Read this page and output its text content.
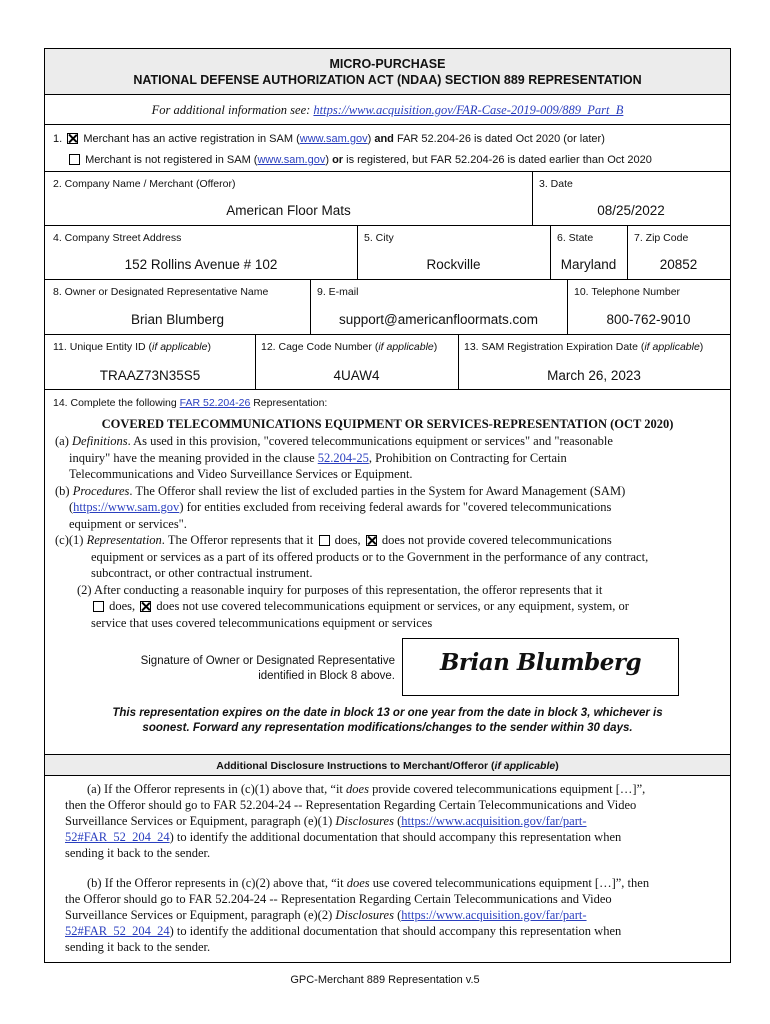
MICRO-PURCHASE
NATIONAL DEFENSE AUTHORIZATION ACT (NDAA) SECTION 889 REPRESENTATION
For additional information see: https://www.acquisition.gov/FAR-Case-2019-009/889_Part_B
1. Merchant has an active registration in SAM (www.sam.gov) and FAR 52.204-26 is dated Oct 2020 (or later)
Merchant is not registered in SAM (www.sam.gov) or is registered, but FAR 52.204-26 is dated earlier than Oct 2020
2. Company Name / Merchant (Offeror)
American Floor Mats
3. Date
08/25/2022
4. Company Street Address
152 Rollins Avenue # 102
5. City
Rockville
6. State
Maryland
7. Zip Code
20852
8. Owner or Designated Representative Name
Brian Blumberg
9. E-mail
support@americanfloormats.com
10. Telephone Number
800-762-9010
11. Unique Entity ID (if applicable)
TRAAZ73N35S5
12. Cage Code Number (if applicable)
4UAW4
13. SAM Registration Expiration Date (if applicable)
March 26, 2023
14. Complete the following FAR 52.204-26 Representation:
COVERED TELECOMMUNICATIONS EQUIPMENT OR SERVICES-REPRESENTATION (OCT 2020)
(a) Definitions. As used in this provision, "covered telecommunications equipment or services" and "reasonable
inquiry" have the meaning provided in the clause 52.204-25, Prohibition on Contracting for Certain
Telecommunications and Video Surveillance Services or Equipment.
(b) Procedures. The Offeror shall review the list of excluded parties in the System for Award Management (SAM)
(https://www.sam.gov) for entities excluded from receiving federal awards for "covered telecommunications
equipment or services".
(c)(1) Representation. The Offeror represents that it  does,  does not provide covered telecommunications
equipment or services as a part of its offered products or to the Government in the performance of any contract,
subcontract, or other contractual instrument.
(2) After conducting a reasonable inquiry for purposes of this representation, the offeror represents that it
does,  does not use covered telecommunications equipment or services, or any equipment, system, or
service that uses covered telecommunications equipment or services
Signature of Owner or Designated Representative
identified in Block 8 above.	Brian Blumberg
This representation expires on the date in block 13 or one year from the date in block 3, whichever is
soonest. Forward any representation modifications/changes to the sender within 30 days.
Additional Disclosure Instructions to Merchant/Offeror (if applicable)
(a) If the Offeror represents in (c)(1) above that, “it does provide covered telecommunications equipment […]”,
then the Offeror should go to FAR 52.204-24 -- Representation Regarding Certain Telecommunications and Video
Surveillance Services or Equipment, paragraph (e)(1) Disclosures (https://www.acquisition.gov/far/part-
52#FAR_52_204_24) to identify the additional documentation that should accompany this representation when
sending it back to the sender.
(b) If the Offeror represents in (c)(2) above that, “it does use covered telecommunications equipment […]”, then
the Offeror should go to FAR 52.204-24 -- Representation Regarding Certain Telecommunications and Video
Surveillance Services or Equipment, paragraph (e)(2) Disclosures (https://www.acquisition.gov/far/part-
52#FAR_52_204_24) to identify the additional documentation that should accompany this representation when
sending it back to the sender.
GPC-Merchant 889 Representation v.5
